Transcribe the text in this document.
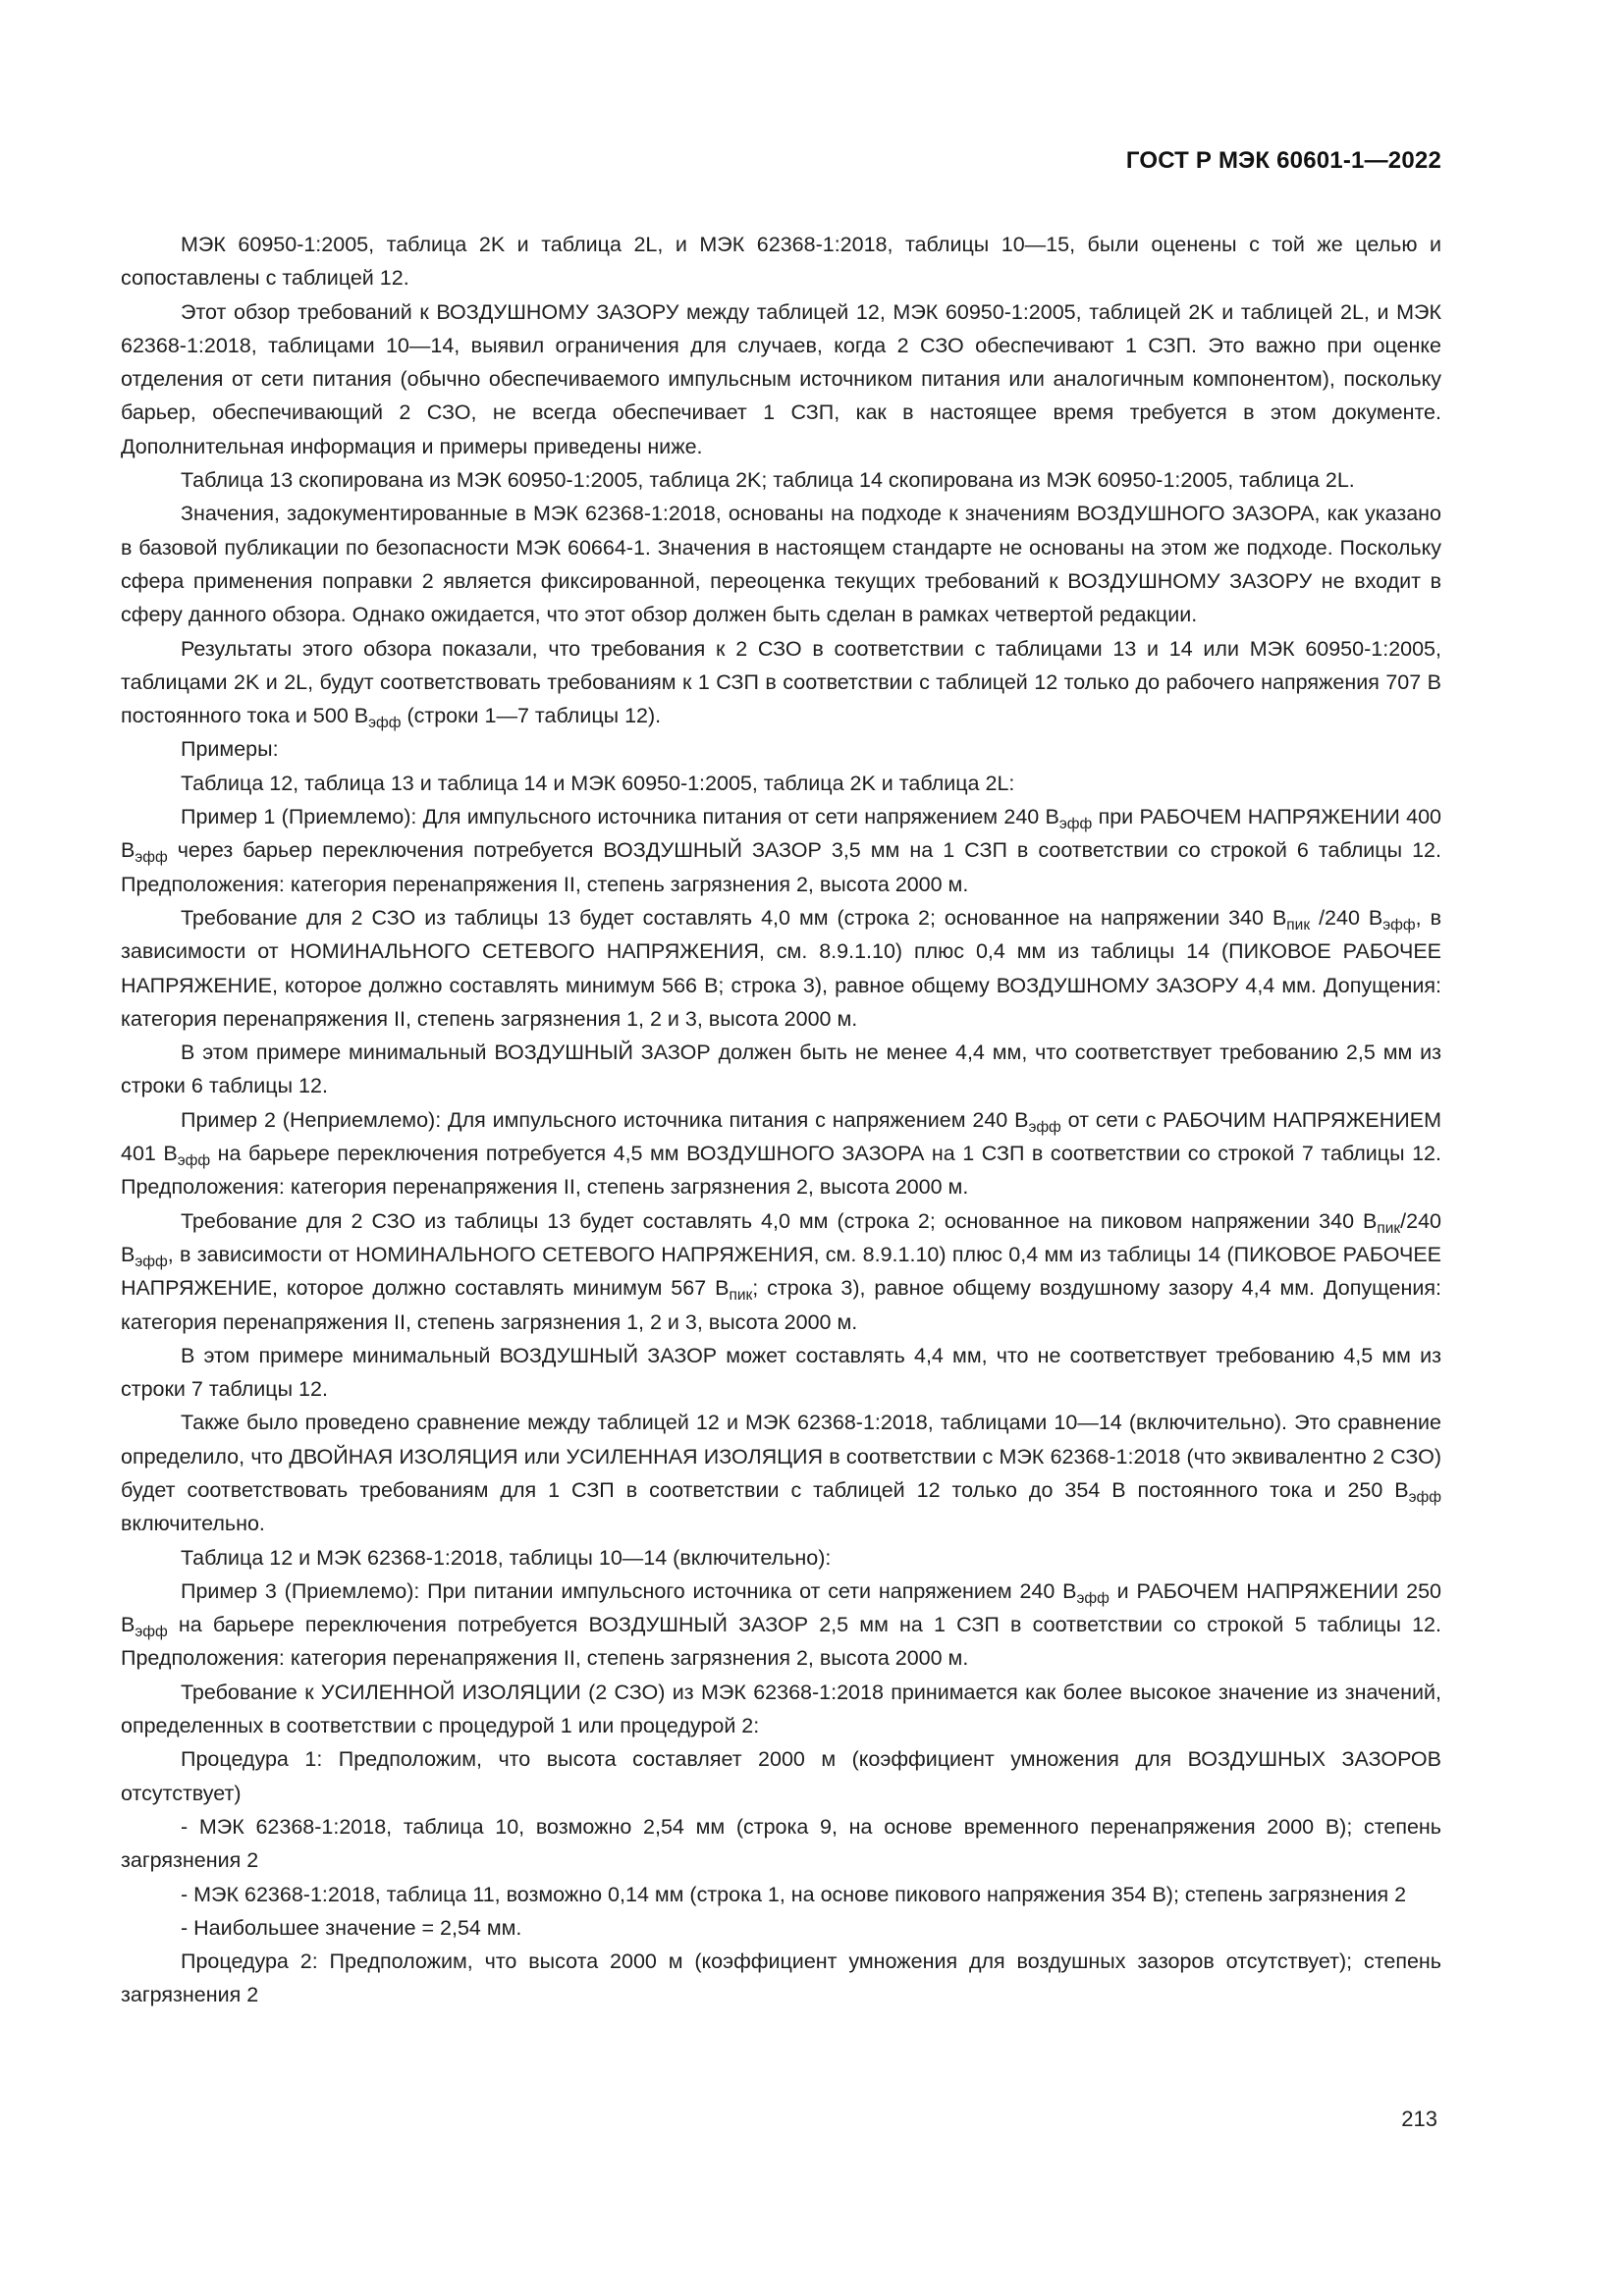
ГОСТ Р МЭК 60601-1—2022

МЭК 60950-1:2005, таблица 2K и таблица 2L, и МЭК 62368-1:2018, таблицы 10—15, были оценены с той же целью и сопоставлены с таблицей 12.

Этот обзор требований к ВОЗДУШНОМУ ЗАЗОРУ между таблицей 12, МЭК 60950-1:2005, таблицей 2K и таблицей 2L, и МЭК 62368-1:2018, таблицами 10—14, выявил ограничения для случаев, когда 2 СЗО обеспечивают 1 СЗП. Это важно при оценке отделения от сети питания (обычно обеспечиваемого импульсным источником питания или аналогичным компонентом), поскольку барьер, обеспечивающий 2 СЗО, не всегда обеспечивает 1 СЗП, как в настоящее время требуется в этом документе. Дополнительная информация и примеры приведены ниже.

Таблица 13 скопирована из МЭК 60950-1:2005, таблица 2K; таблица 14 скопирована из МЭК 60950-1:2005, таблица 2L.

Значения, задокументированные в МЭК 62368-1:2018, основаны на подходе к значениям ВОЗДУШНОГО ЗАЗОРА, как указано в базовой публикации по безопасности МЭК 60664-1. Значения в настоящем стандарте не основаны на этом же подходе. Поскольку сфера применения поправки 2 является фиксированной, переоценка текущих требований к ВОЗДУШНОМУ ЗАЗОРУ не входит в сферу данного обзора. Однако ожидается, что этот обзор должен быть сделан в рамках четвертой редакции.

Результаты этого обзора показали, что требования к 2 СЗО в соответствии с таблицами 13 и 14 или МЭК 60950-1:2005, таблицами 2K и 2L, будут соответствовать требованиям к 1 СЗП в соответствии с таблицей 12 только до рабочего напряжения 707 В постоянного тока и 500 $В_{эфф}$ (строки 1—7 таблицы 12).

Примеры:

Таблица 12, таблица 13 и таблица 14 и МЭК 60950-1:2005, таблица 2K и таблица 2L:

Пример 1 (Приемлемо): Для импульсного источника питания от сети напряжением 240 $В_{эфф}$ при РАБОЧЕМ НАПРЯЖЕНИИ 400 $В_{эфф}$ через барьер переключения потребуется ВОЗДУШНЫЙ ЗАЗОР 3,5 мм на 1 СЗП в соответствии со строкой 6 таблицы 12. Предположения: категория перенапряжения II, степень загрязнения 2, высота 2000 м.

Требование для 2 СЗО из таблицы 13 будет составлять 4,0 мм (строка 2; основанное на напряжении 340 $В_{пик}$ /240 $В_{эфф}$, в зависимости от НОМИНАЛЬНОГО СЕТЕВОГО НАПРЯЖЕНИЯ, см. 8.9.1.10) плюс 0,4 мм из таблицы 14 (ПИКОВОЕ РАБОЧЕЕ НАПРЯЖЕНИЕ, которое должно составлять минимум 566 В; строка 3), равное общему ВОЗДУШНОМУ ЗАЗОРУ 4,4 мм. Допущения: категория перенапряжения II, степень загрязнения 1, 2 и 3, высота 2000 м.

В этом примере минимальный ВОЗДУШНЫЙ ЗАЗОР должен быть не менее 4,4 мм, что соответствует требованию 2,5 мм из строки 6 таблицы 12.

Пример 2 (Неприемлемо): Для импульсного источника питания с напряжением 240 $В_{эфф}$ от сети с РАБОЧИМ НАПРЯЖЕНИЕМ 401 $В_{эфф}$ на барьере переключения потребуется 4,5 мм ВОЗДУШНОГО ЗАЗОРА на 1 СЗП в соответствии со строкой 7 таблицы 12. Предположения: категория перенапряжения II, степень загрязнения 2, высота 2000 м.

Требование для 2 СЗО из таблицы 13 будет составлять 4,0 мм (строка 2; основанное на пиковом напряжении 340 $В_{пик}/240$ $В_{эфф}$, в зависимости от НОМИНАЛЬНОГО СЕТЕВОГО НАПРЯЖЕНИЯ, см. 8.9.1.10) плюс 0,4 мм из таблицы 14 (ПИКОВОЕ РАБОЧЕЕ НАПРЯЖЕНИЕ, которое должно составлять минимум 567 $В_{пик}$; строка 3), равное общему воздушному зазору 4,4 мм. Допущения: категория перенапряжения II, степень загрязнения 1, 2 и 3, высота 2000 м.

В этом примере минимальный ВОЗДУШНЫЙ ЗАЗОР может составлять 4,4 мм, что не соответствует требованию 4,5 мм из строки 7 таблицы 12.

Также было проведено сравнение между таблицей 12 и МЭК 62368-1:2018, таблицами 10—14 (включительно). Это сравнение определило, что ДВОЙНАЯ ИЗОЛЯЦИЯ или УСИЛЕННАЯ ИЗОЛЯЦИЯ в соответствии с МЭК 62368-1:2018 (что эквивалентно 2 СЗО) будет соответствовать требованиям для 1 СЗП в соответствии с таблицей 12 только до 354 В постоянного тока и 250 $В_{эфф}$ включительно.

Таблица 12 и МЭК 62368-1:2018, таблицы 10—14 (включительно):

Пример 3 (Приемлемо): При питании импульсного источника от сети напряжением 240 $В_{эфф}$ и РАБОЧЕМ НАПРЯЖЕНИИ 250 $В_{эфф}$ на барьере переключения потребуется ВОЗДУШНЫЙ ЗАЗОР 2,5 мм на 1 СЗП в соответствии со строкой 5 таблицы 12. Предположения: категория перенапряжения II, степень загрязнения 2, высота 2000 м.

Требование к УСИЛЕННОЙ ИЗОЛЯЦИИ (2 СЗО) из МЭК 62368-1:2018 принимается как более высокое значение из значений, определенных в соответствии с процедурой 1 или процедурой 2:

Процедура 1: Предположим, что высота составляет 2000 м (коэффициент умножения для ВОЗДУШНЫХ ЗАЗОРОВ отсутствует)

- МЭК 62368-1:2018, таблица 10, возможно 2,54 мм (строка 9, на основе временного перенапряжения 2000 В); степень загрязнения 2

- МЭК 62368-1:2018, таблица 11, возможно 0,14 мм (строка 1, на основе пикового напряжения 354 В); степень загрязнения 2

- Наибольшее значение = 2,54 мм.

Процедура 2: Предположим, что высота 2000 м (коэффициент умножения для воздушных зазоров отсутствует); степень загрязнения 2

213
